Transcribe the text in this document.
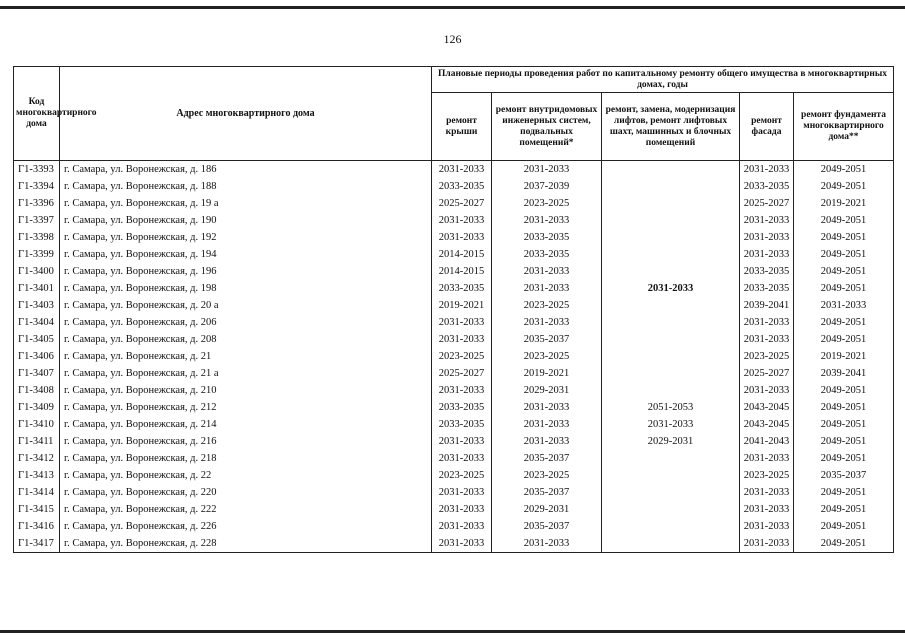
126
Код многоквартирного дома	Адрес многоквартирного дома	Плановые периоды проведения работ по капитальному ремонту общего имущества в многоквартирных домах, годы				
		ремонт крыши	ремонт внутридомовых инженерных систем, подвальных помещений*	ремонт, замена, модернизация лифтов, ремонт лифтовых шахт, машинных и блочных помещений	ремонт фасада	ремонт фундамента многоквартирного дома**
Г1-3393	г. Самара, ул. Воронежская, д. 186	2031-2033	2031-2033		2031-2033	2049-2051
Г1-3394	г. Самара, ул. Воронежская, д. 188	2033-2035	2037-2039		2033-2035	2049-2051
Г1-3396	г. Самара, ул. Воронежская, д. 19 а	2025-2027	2023-2025		2025-2027	2019-2021
Г1-3397	г. Самара, ул. Воронежская, д. 190	2031-2033	2031-2033		2031-2033	2049-2051
Г1-3398	г. Самара, ул. Воронежская, д. 192	2031-2033	2033-2035		2031-2033	2049-2051
Г1-3399	г. Самара, ул. Воронежская, д. 194	2014-2015	2033-2035		2031-2033	2049-2051
Г1-3400	г. Самара, ул. Воронежская, д. 196	2014-2015	2031-2033		2033-2035	2049-2051
Г1-3401	г. Самара, ул. Воронежская, д. 198	2033-2035	2031-2033	2031-2033	2033-2035	2049-2051
Г1-3403	г. Самара, ул. Воронежская, д. 20 а	2019-2021	2023-2025		2039-2041	2031-2033
Г1-3404	г. Самара, ул. Воронежская, д. 206	2031-2033	2031-2033		2031-2033	2049-2051
Г1-3405	г. Самара, ул. Воронежская, д. 208	2031-2033	2035-2037		2031-2033	2049-2051
Г1-3406	г. Самара, ул. Воронежская, д. 21	2023-2025	2023-2025		2023-2025	2019-2021
Г1-3407	г. Самара, ул. Воронежская, д. 21 а	2025-2027	2019-2021		2025-2027	2039-2041
Г1-3408	г. Самара, ул. Воронежская, д. 210	2031-2033	2029-2031		2031-2033	2049-2051
Г1-3409	г. Самара, ул. Воронежская, д. 212	2033-2035	2031-2033	2051-2053	2043-2045	2049-2051
Г1-3410	г. Самара, ул. Воронежская, д. 214	2033-2035	2031-2033	2031-2033	2043-2045	2049-2051
Г1-3411	г. Самара, ул. Воронежская, д. 216	2031-2033	2031-2033	2029-2031	2041-2043	2049-2051
Г1-3412	г. Самара, ул. Воронежская, д. 218	2031-2033	2035-2037		2031-2033	2049-2051
Г1-3413	г. Самара, ул. Воронежская, д. 22	2023-2025	2023-2025		2023-2025	2035-2037
Г1-3414	г. Самара, ул. Воронежская, д. 220	2031-2033	2035-2037		2031-2033	2049-2051
Г1-3415	г. Самара, ул. Воронежская, д. 222	2031-2033	2029-2031		2031-2033	2049-2051
Г1-3416	г. Самара, ул. Воронежская, д. 226	2031-2033	2035-2037		2031-2033	2049-2051
Г1-3417	г. Самара, ул. Воронежская, д. 228	2031-2033	2031-2033		2031-2033	2049-2051
